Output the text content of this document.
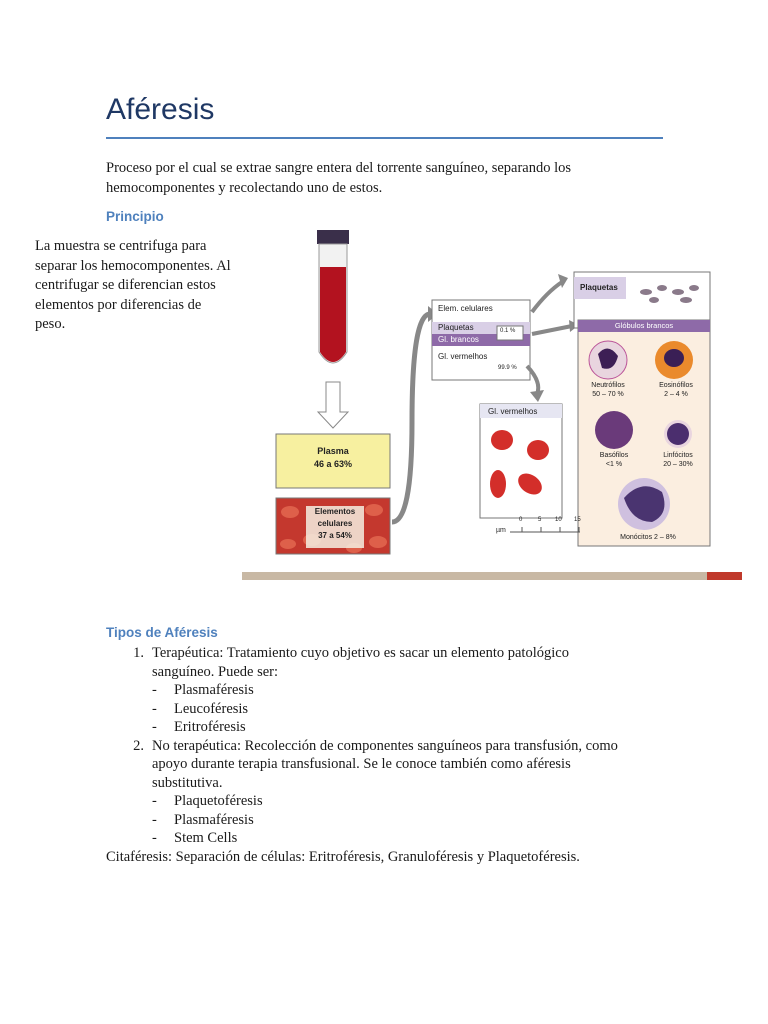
Aféresis
Proceso por el cual se extrae sangre entera del torrente sanguíneo, separando los hemocomponentes y recolectando uno de estos.
Principio
La muestra se centrifuga para separar los hemocomponentes. Al centrifugar se diferencian estos elementos por diferencias de peso.
Plasma
46 a 63%
Elementos
celulares
37 a 54%
Elem. celulares
Plaquetas	0.1 %
Gl. brancos
Gl. vermelhos
99.9 %
Plaquetas
Glóbulos brancos
Gl. vermelhos
Neutrófilos
50 – 70 %
Eosinófilos
2 – 4 %
Basófilos
<1 %
Linfócitos
20 – 30%
Monócitos 2 – 8%
µm
0	5 10 15
Tipos de Aféresis
1. Terapéutica: Tratamiento cuyo objetivo es sacar un elemento patológico sanguíneo. Puede ser:
-	Plasmaféresis
-	Leucoféresis
-	Eritroféresis
2. No terapéutica: Recolección de componentes sanguíneos para transfusión, como apoyo durante terapia transfusional. Se le conoce también como aféresis substitutiva.
-	Plaquetoféresis
-	Plasmaféresis
-	Stem Cells
Citaféresis: Separación de células: Eritroféresis, Granuloféresis y Plaquetoféresis.
